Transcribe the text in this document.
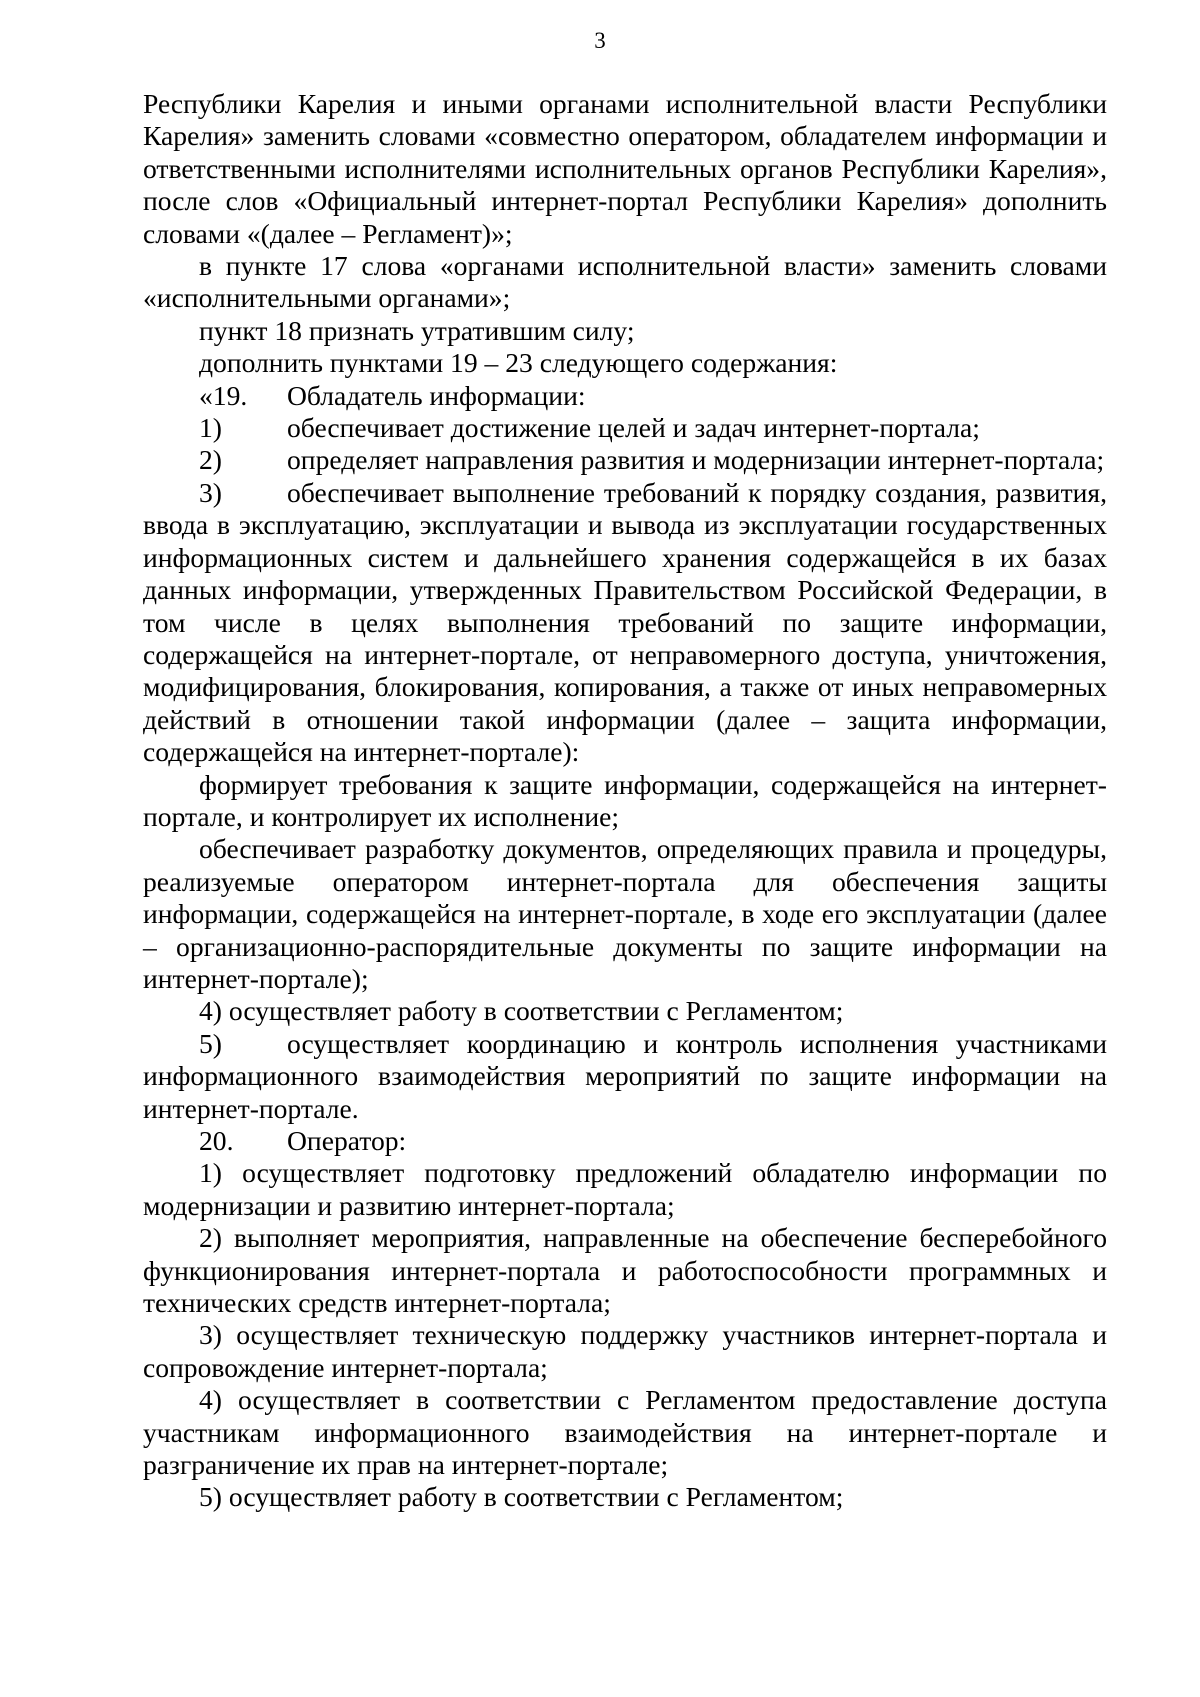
3

Республики Карелия и иными органами исполнительной власти Республики Карелия» заменить словами «совместно оператором, обладателем информации и ответственными исполнителями исполнительных органов Республики Карелия», после слов «Официальный интернет-портал Республики Карелия» дополнить словами «(далее – Регламент)»;

в пункте 17 слова «органами исполнительной власти» заменить словами «исполнительными органами»;

пункт 18 признать утратившим силу;

дополнить пунктами 19 – 23 следующего содержания:

«19.	Обладатель информации:
1)	обеспечивает достижение целей и задач интернет-портала;

2) определяет направления развития и модернизации интернет-портала;

3) обеспечивает выполнение требований к порядку создания, развития, ввода в эксплуатацию, эксплуатации и вывода из эксплуатации государственных информационных систем и дальнейшего хранения содержащейся в их базах данных информации, утвержденных Правительством Российской Федерации, в том числе в целях выполнения требований по защите информации, содержащейся на интернет-портале, от неправомерного доступа, уничтожения, модифицирования, блокирования, копирования, а также от иных неправомерных действий в отношении такой информации (далее – защита информации, содержащейся на интернет-портале):

формирует требования к защите информации, содержащейся на интернет-портале, и контролирует их исполнение;

обеспечивает разработку документов, определяющих правила и процедуры, реализуемые оператором интернет-портала для обеспечения защиты информации, содержащейся на интернет-портале, в ходе его эксплуатации (далее – организационно-распорядительные документы по защите информации на интернет-портале);

4) осуществляет работу в соответствии с Регламентом;

5) осуществляет координацию и контроль исполнения участниками информационного взаимодействия мероприятий по защите информации на интернет-портале.

20.	Оператор:

1) осуществляет подготовку предложений обладателю информации по модернизации и развитию интернет-портала;

2) выполняет мероприятия, направленные на обеспечение бесперебойного функционирования интернет-портала и работоспособности программных и технических средств интернет-портала;

3) осуществляет техническую поддержку участников интернет-портала и сопровождение интернет-портала;

4) осуществляет в соответствии с Регламентом предоставление доступа участникам информационного взаимодействия на интернет-портале и разграничение их прав на интернет-портале;

5) осуществляет работу в соответствии с Регламентом;
